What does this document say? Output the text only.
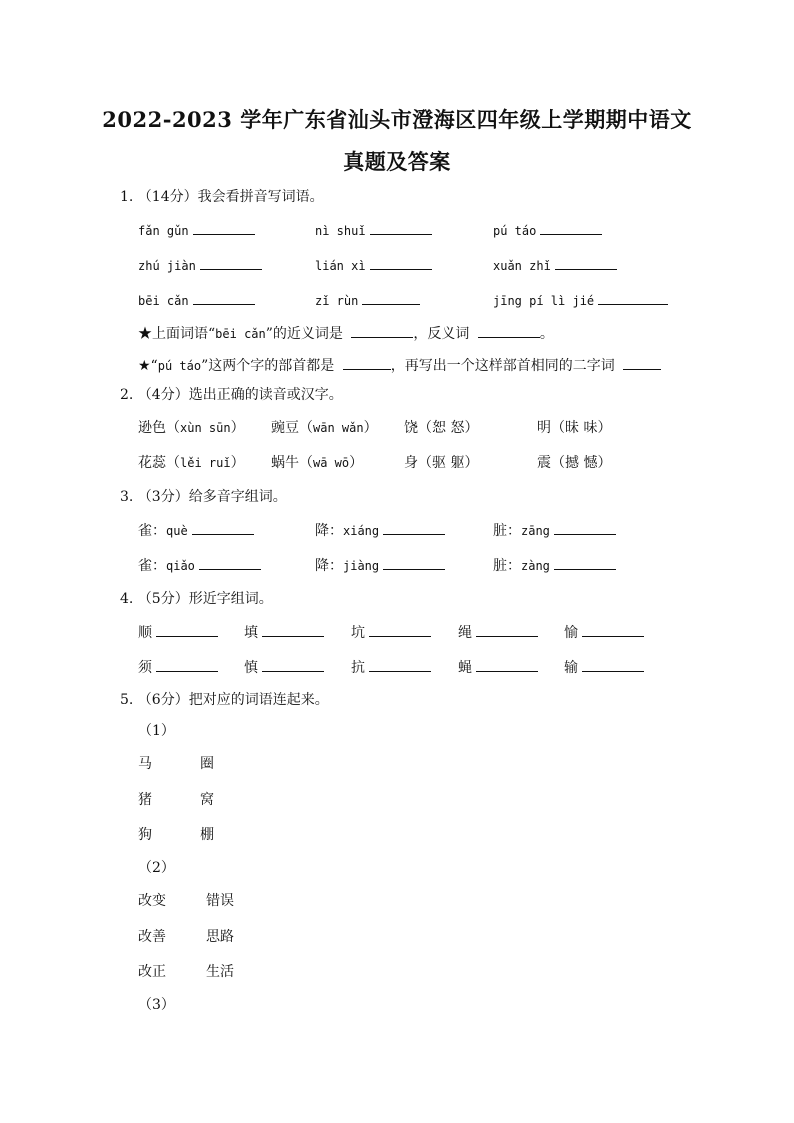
2022-2023 学年广东省汕头市澄海区四年级上学期期中语文
真题及答案
1. （14分）我会看拼音写词语。
fǎn gǔn	nì shuǐ	pú táo
zhú jiàn	lián xì	xuǎn zhǐ
bēi cǎn	zǐ rùn	jīng pí lì jié
★上面词语“bēi cǎn”的近义词是	，反义词	。
★“pú táo”这两个字的部首都是	，再写出一个这样部首相同的二字词
2. （4分）选出正确的读音或汉字。
逊色（xùn sūn） 豌豆（wān wǎn） 饶（恕 怒）	明（昧 味）
花蕊（lěi ruǐ） 蜗牛（wā wō）	身（驱 躯）	震（撼 憾）
3. （3分）给多音字组词。
雀：què	降：xiáng	脏：zāng
雀：qiǎo	降：jiàng	脏：zàng
4. （5分）形近字组词。
顺	填	坑	绳	愉
须	慎	抗	蝇	输
5. （6分）把对应的词语连起来。
（1）
马	圈
猪	窝
狗	棚
（2）
改变	错误
改善	思路
改正	生活
（3）
